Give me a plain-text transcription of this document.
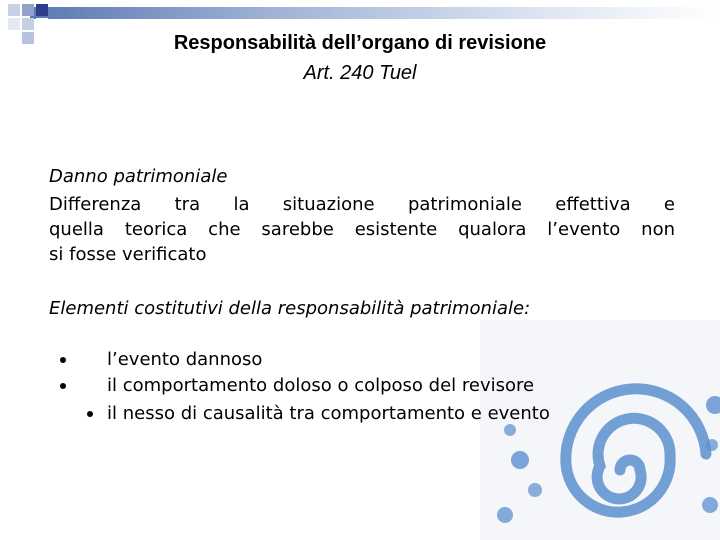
Responsabilità dell’organo di revisione
Art. 240 Tuel
Danno patrimoniale
Differenza tra la situazione patrimoniale effettiva e
quella teorica che sarebbe esistente qualora l’evento non
si fosse verificato
Elementi costitutivi della responsabilità patrimoniale:
l’evento dannoso
il comportamento doloso o colposo del revisore
il nesso di causalità tra comportamento e evento
